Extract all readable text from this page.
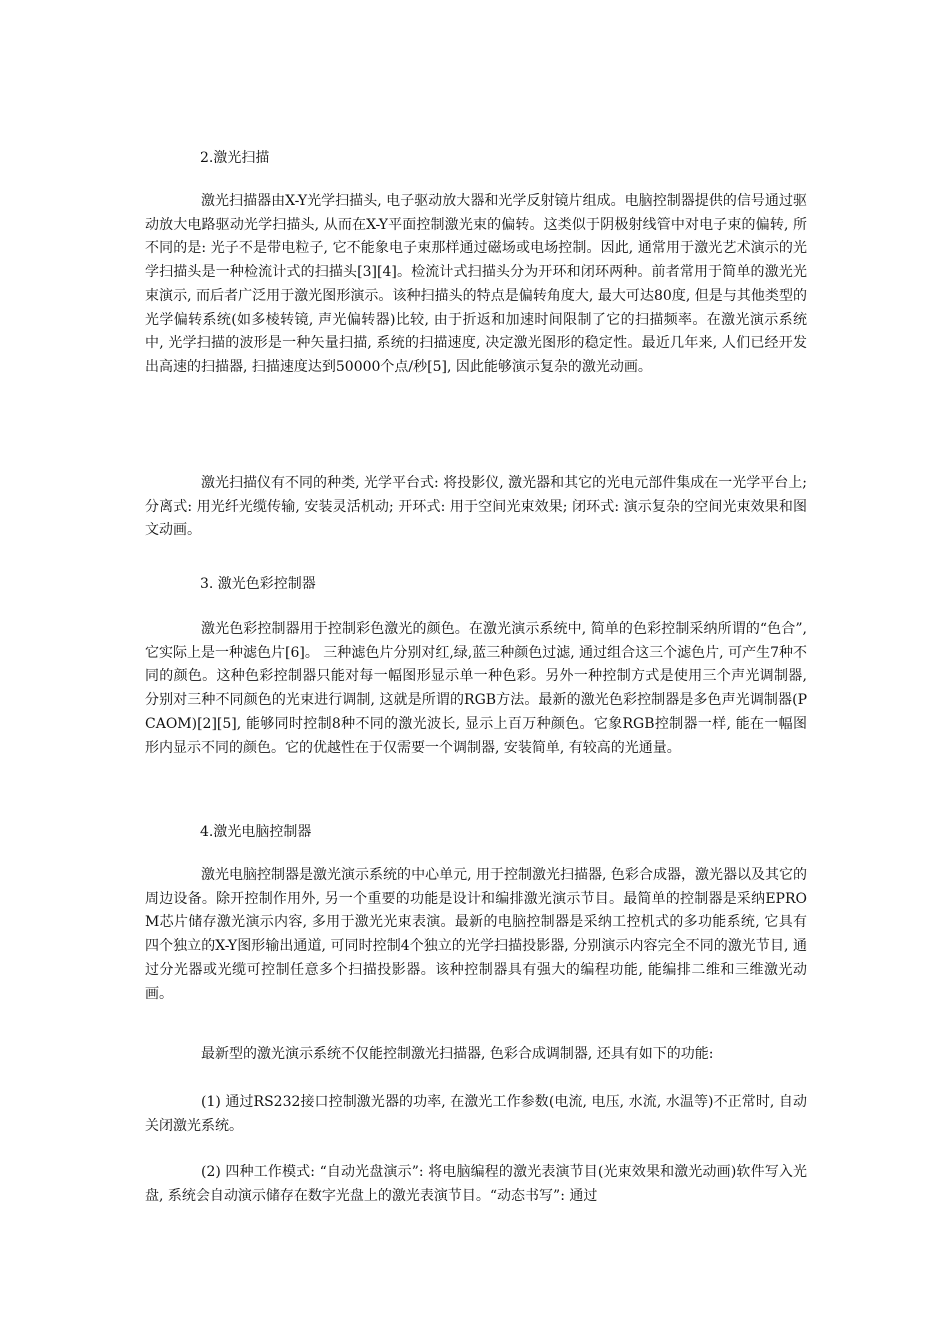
2.激光扫描

激光扫描器由X-Y光学扫描头, 电子驱动放大器和光学反射镜片组成。电脑控制器提供的信号通过驱动放大电路驱动光学扫描头, 从而在X-Y平面控制激光束的偏转。这类似于阴极射线管中对电子束的偏转, 所不同的是: 光子不是带电粒子, 它不能象电子束那样通过磁场或电场控制。因此, 通常用于激光艺术演示的光学扫描头是一种检流计式的扫描头[3][4]。检流计式扫描头分为开环和闭环两种。前者常用于简单的激光光束演示, 而后者广泛用于激光图形演示。该种扫描头的特点是偏转角度大, 最大可达80度, 但是与其他类型的光学偏转系统(如多棱转镜, 声光偏转器)比较, 由于折返和加速时间限制了它的扫描频率。在激光演示系统中, 光学扫描的波形是一种矢量扫描, 系统的扫描速度, 决定激光图形的稳定性。最近几年来, 人们已经开发出高速的扫描器, 扫描速度达到50000个点/秒[5], 因此能够演示复杂的激光动画。

激光扫描仪有不同的种类, 光学平台式: 将投影仪, 激光器和其它的光电元部件集成在一光学平台上; 分离式: 用光纤光缆传输, 安装灵活机动; 开环式: 用于空间光束效果; 闭环式: 演示复杂的空间光束效果和图文动画。

3. 激光色彩控制器

激光色彩控制器用于控制彩色激光的颜色。在激光演示系统中, 简单的色彩控制采纳所谓的“色合”, 它实际上是一种滤色片[6]。 三种滤色片分别对红,绿,蓝三种颜色过滤, 通过组合这三个滤色片, 可产生7种不同的颜色。这种色彩控制器只能对每一幅图形显示单一种色彩。另外一种控制方式是使用三个声光调制器, 分别对三种不同颜色的光束进行调制, 这就是所谓的RGB方法。最新的激光色彩控制器是多色声光调制器(PCAOM)[2][5], 能够同时控制8种不同的激光波长, 显示上百万种颜色。它象RGB控制器一样, 能在一幅图形内显示不同的颜色。它的优越性在于仅需要一个调制器, 安装简单, 有较高的光通量。

4.激光电脑控制器

激光电脑控制器是激光演示系统的中心单元, 用于控制激光扫描器, 色彩合成器，激光器以及其它的周边设备。除开控制作用外, 另一个重要的功能是设计和编排激光演示节目。最简单的控制器是采纳EPROM芯片储存激光演示内容, 多用于激光光束表演。最新的电脑控制器是采纳工控机式的多功能系统, 它具有四个独立的X-Y图形输出通道, 可同时控制4个独立的光学扫描投影器, 分别演示内容完全不同的激光节目, 通过分光器或光缆可控制任意多个扫描投影器。该种控制器具有强大的编程功能, 能编排二维和三维激光动画。

最新型的激光演示系统不仅能控制激光扫描器, 色彩合成调制器, 还具有如下的功能:

(1) 通过RS232接口控制激光器的功率, 在激光工作参数(电流, 电压, 水流, 水温等)不正常时, 自动关闭激光系统。

(2) 四种工作模式: “自动光盘演示”: 将电脑编程的激光表演节目(光束效果和激光动画)软件写入光盘, 系统会自动演示储存在数字光盘上的激光表演节目。“动态书写”: 通过
